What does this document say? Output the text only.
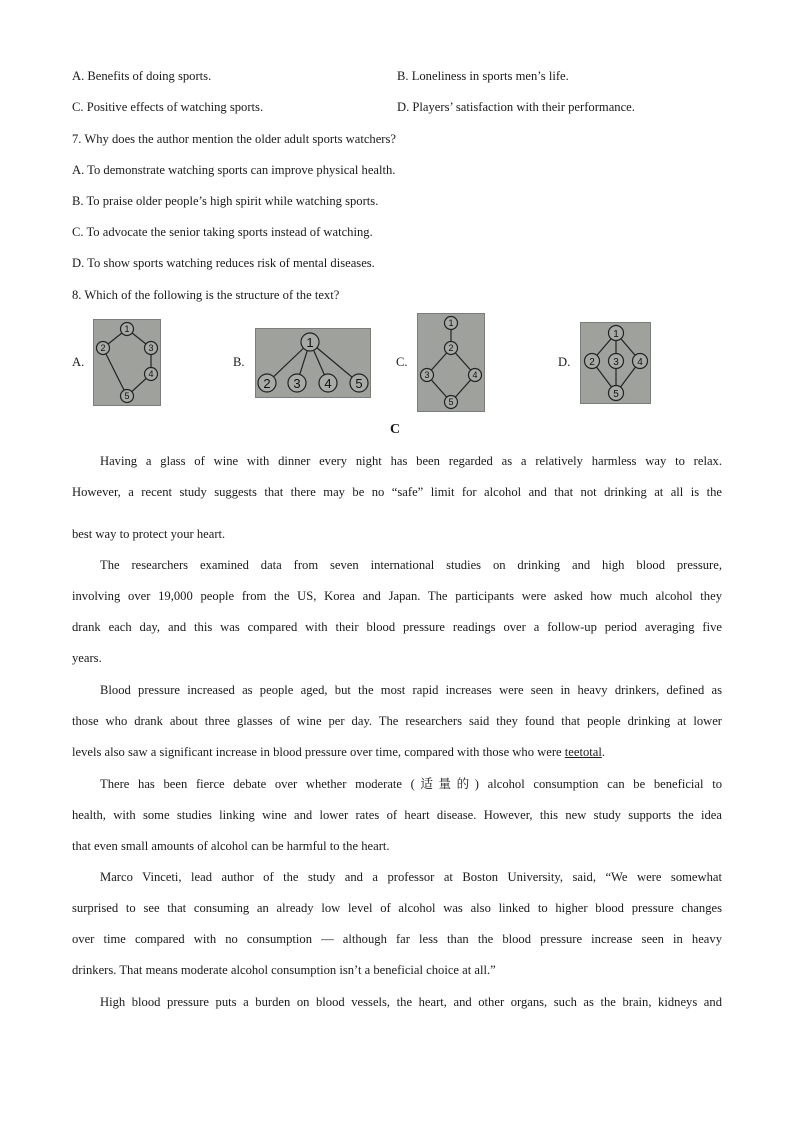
A. Benefits of doing sports.	B. Loneliness in sports men’s life.
C. Positive effects of watching sports.	D. Players’ satisfaction with their performance.
7. Why does the author mention the older adult sports watchers?
A. To demonstrate watching sports can improve physical health.
B. To praise older people’s high spirit while watching sports.
C. To advocate the senior taking sports instead of watching.
D. To show sports watching reduces risk of mental diseases.
8. Which of the following is the structure of the text?
A.	B.	C.	D.
1
2	3
4
5
1
2 3 4 5
1
2
3	4
5
1
2 3 4
5
C
Having a glass of wine with dinner every night has been regarded as a relatively harmless way to relax.
However, a recent study suggests that there may be no “safe” limit for alcohol and that not drinking at all is the
best way to protect your heart.
The researchers examined data from seven international studies on drinking and high blood pressure,
involving over 19,000 people from the US, Korea and Japan. The participants were asked how much alcohol they
drank each day, and this was compared with their blood pressure readings over a follow-up period averaging five
years.
Blood pressure increased as people aged, but the most rapid increases were seen in heavy drinkers, defined as
those who drank about three glasses of wine per day. The researchers said they found that people drinking at lower
levels also saw a significant increase in blood pressure over time, compared with those who were teetotal.
There has been fierce debate over whether moderate (适量的) alcohol consumption can be beneficial to
health, with some studies linking wine and lower rates of heart disease. However, this new study supports the idea
that even small amounts of alcohol can be harmful to the heart.
Marco Vinceti, lead author of the study and a professor at Boston University, said, “We were somewhat
surprised to see that consuming an already low level of alcohol was also linked to higher blood pressure changes
over time compared with no consumption — although far less than the blood pressure increase seen in heavy
drinkers. That means moderate alcohol consumption isn’t a beneficial choice at all.”
High blood pressure puts a burden on blood vessels, the heart, and other organs, such as the brain, kidneys and
